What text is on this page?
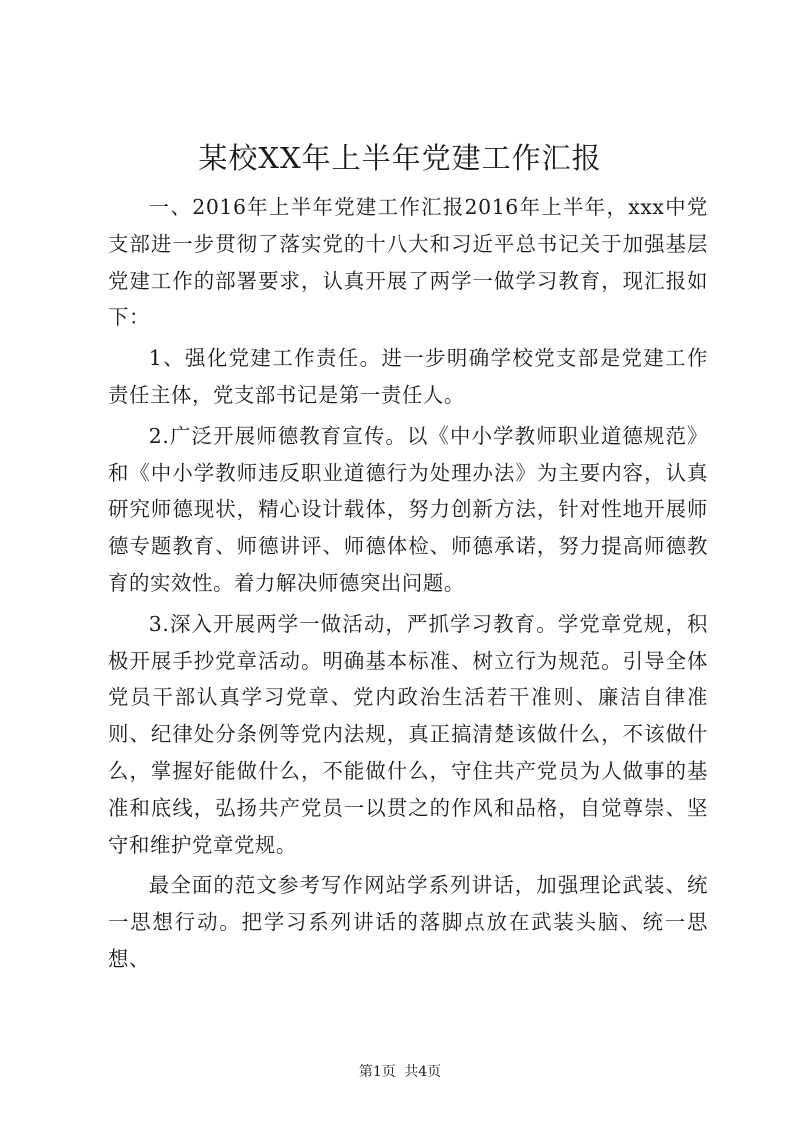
某校XX年上半年党建工作汇报

一、2016年上半年党建工作汇报2016年上半年，xxx中党支部进一步贯彻了落实党的十八大和习近平总书记关于加强基层党建工作的部署要求，认真开展了两学一做学习教育，现汇报如下：

1、强化党建工作责任。进一步明确学校党支部是党建工作责任主体，党支部书记是第一责任人。

2.广泛开展师德教育宣传。以《中小学教师职业道德规范》和《中小学教师违反职业道德行为处理办法》为主要内容，认真研究师德现状，精心设计载体，努力创新方法，针对性地开展师德专题教育、师德讲评、师德体检、师德承诺，努力提高师德教育的实效性。着力解决师德突出问题。

3.深入开展两学一做活动，严抓学习教育。学党章党规，积极开展手抄党章活动。明确基本标准、树立行为规范。引导全体党员干部认真学习党章、党内政治生活若干准则、廉洁自律准则、纪律处分条例等党内法规，真正搞清楚该做什么，不该做什么，掌握好能做什么，不能做什么，守住共产党员为人做事的基准和底线，弘扬共产党员一以贯之的作风和品格，自觉尊崇、坚守和维护党章党规。

最全面的范文参考写作网站学系列讲话，加强理论武装、统一思想行动。把学习系列讲话的落脚点放在武装头脑、统一思想、

第1页 共4页
